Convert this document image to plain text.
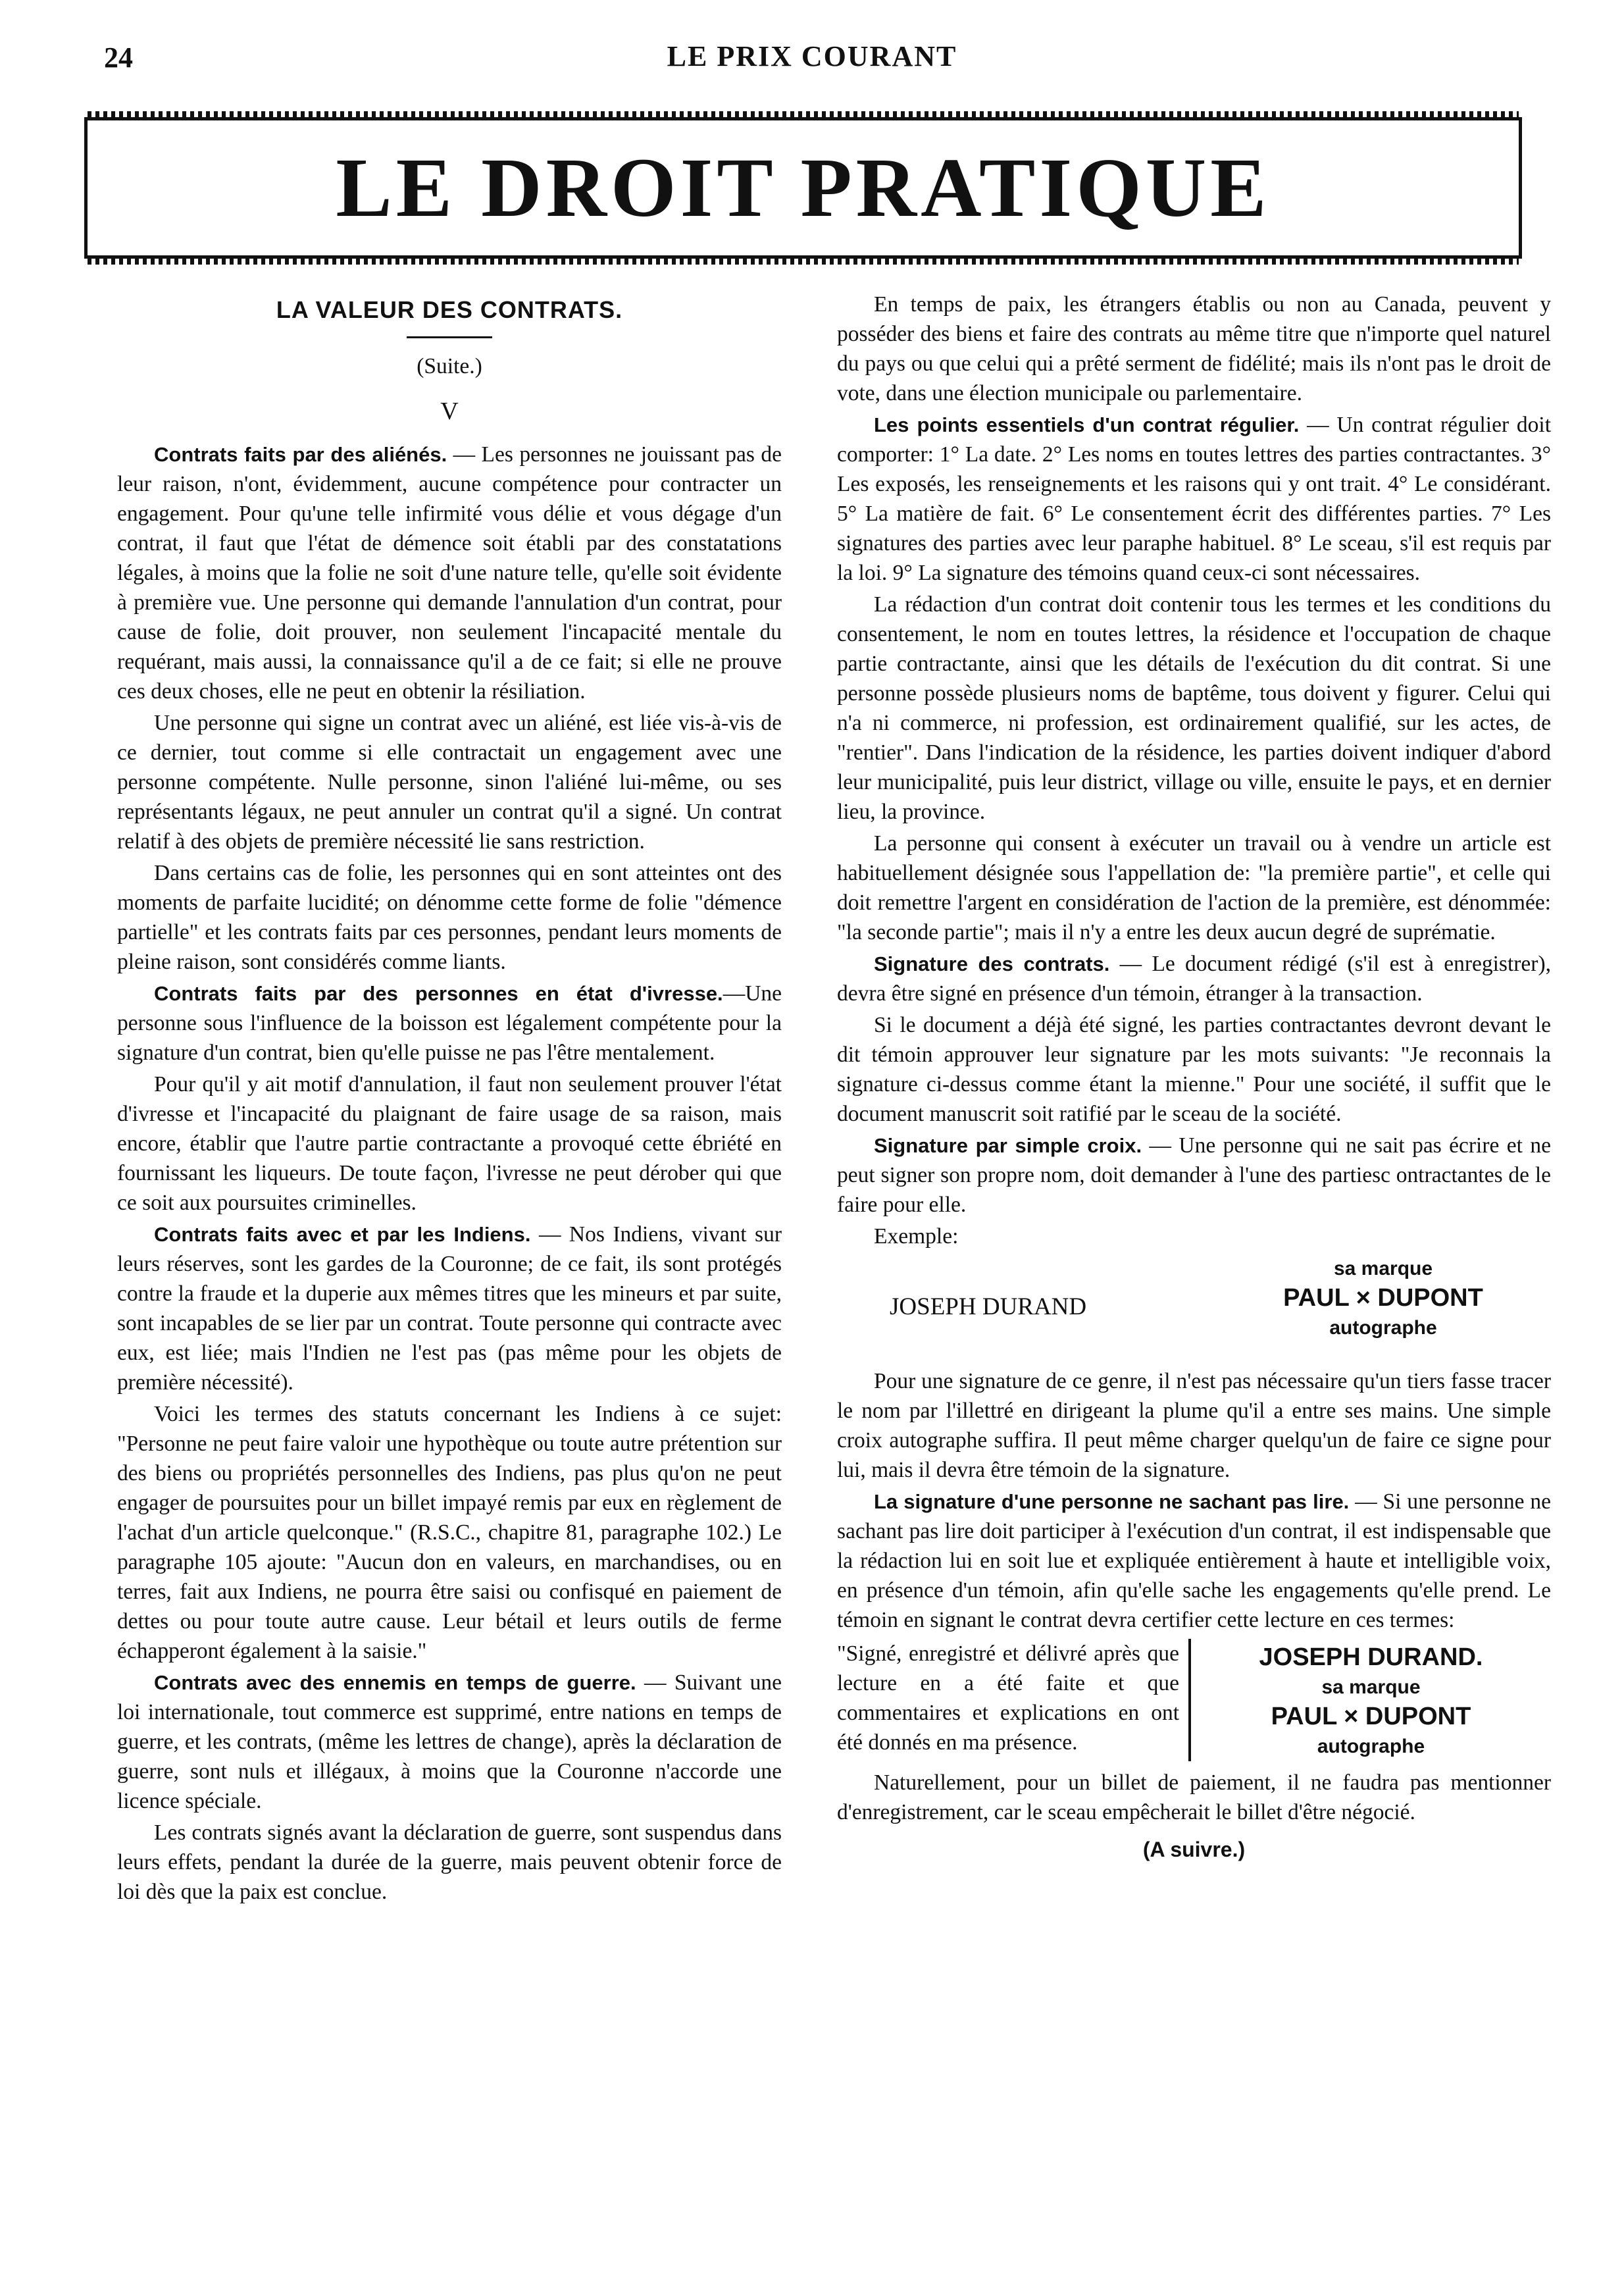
24	LE PRIX COURANT
LE DROIT PRATIQUE
LA VALEUR DES CONTRATS.
(Suite.)
V

Contrats faits par des aliénés. — Les personnes ne jouissant pas de leur raison, n'ont, évidemment, aucune compétence pour contracter un engagement. Pour qu'une telle infirmité vous délie et vous dégage d'un contrat, il faut que l'état de démence soit établi par des constatations légales, à moins que la folie ne soit d'une nature telle, qu'elle soit évidente à première vue. Une personne qui demande l'annulation d'un contrat, pour cause de folie, doit prouver, non seulement l'incapacité mentale du requérant, mais aussi, la connaissance qu'il a de ce fait; si elle ne prouve ces deux choses, elle ne peut en obtenir la résiliation.

Une personne qui signe un contrat avec un aliéné, est liée vis-à-vis de ce dernier, tout comme si elle contractait un engagement avec une personne compétente. Nulle personne, sinon l'aliéné lui-même, ou ses représentants légaux, ne peut annuler un contrat qu'il a signé. Un contrat relatif à des objets de première nécessité lie sans restriction.

Dans certains cas de folie, les personnes qui en sont atteintes ont des moments de parfaite lucidité; on dénomme cette forme de folie "démence partielle" et les contrats faits par ces personnes, pendant leurs moments de pleine raison, sont considérés comme liants.

Contrats faits par des personnes en état d'ivresse.—Une personne sous l'influence de la boisson est légalement compétente pour la signature d'un contrat, bien qu'elle puisse ne pas l'être mentalement.

Pour qu'il y ait motif d'annulation, il faut non seulement prouver l'état d'ivresse et l'incapacité du plaignant de faire usage de sa raison, mais encore, établir que l'autre partie contractante a provoqué cette ébriété en fournissant les liqueurs. De toute façon, l'ivresse ne peut dérober qui que ce soit aux poursuites criminelles.

Contrats faits avec et par les Indiens. — Nos Indiens, vivant sur leurs réserves, sont les gardes de la Couronne; de ce fait, ils sont protégés contre la fraude et la duperie aux mêmes titres que les mineurs et par suite, sont incapables de se lier par un contrat. Toute personne qui contracte avec eux, est liée; mais l'Indien ne l'est pas (pas même pour les objets de première nécessité).

Voici les termes des statuts concernant les Indiens à ce sujet: "Personne ne peut faire valoir une hypothèque ou toute autre prétention sur des biens ou propriétés personnelles des Indiens, pas plus qu'on ne peut engager de poursuites pour un billet impayé remis par eux en règlement de l'achat d'un article quelconque." (R.S.C., chapitre 81, paragraphe 102.) Le paragraphe 105 ajoute: "Aucun don en valeurs, en marchandises, ou en terres, fait aux Indiens, ne pourra être saisi ou confisqué en paiement de dettes ou pour toute autre cause. Leur bétail et leurs outils de ferme échapperont également à la saisie."

Contrats avec des ennemis en temps de guerre. — Suivant une loi internationale, tout commerce est supprimé, entre nations en temps de guerre, et les contrats, (même les lettres de change), après la déclaration de guerre, sont nuls et illégaux, à moins que la Couronne n'accorde une licence spéciale.

Les contrats signés avant la déclaration de guerre, sont suspendus dans leurs effets, pendant la durée de la guerre, mais peuvent obtenir force de loi dès que la paix est conclue.

En temps de paix, les étrangers établis ou non au Canada, peuvent y posséder des biens et faire des contrats au même titre que n'importe quel naturel du pays ou que celui qui a prêté serment de fidélité; mais ils n'ont pas le droit de vote, dans une élection municipale ou parlementaire.

Les points essentiels d'un contrat régulier. — Un contrat régulier doit comporter: 1° La date. 2° Les noms en toutes lettres des parties contractantes. 3° Les exposés, les renseignements et les raisons qui y ont trait. 4° Le considérant. 5° La matière de fait. 6° Le consentement écrit des différentes parties. 7° Les signatures des parties avec leur paraphe habituel. 8° Le sceau, s'il est requis par la loi. 9° La signature des témoins quand ceux-ci sont nécessaires.

La rédaction d'un contrat doit contenir tous les termes et les conditions du consentement, le nom en toutes lettres, la résidence et l'occupation de chaque partie contractante, ainsi que les détails de l'exécution du dit contrat. Si une personne possède plusieurs noms de baptême, tous doivent y figurer. Celui qui n'a ni commerce, ni profession, est ordinairement qualifié, sur les actes, de "rentier". Dans l'indication de la résidence, les parties doivent indiquer d'abord leur municipalité, puis leur district, village ou ville, ensuite le pays, et en dernier lieu, la province.

La personne qui consent à exécuter un travail ou à vendre un article est habituellement désignée sous l'appellation de: "la première partie", et celle qui doit remettre l'argent en considération de l'action de la première, est dénommée: "la seconde partie"; mais il n'y a entre les deux aucun degré de suprématie.

Signature des contrats. — Le document rédigé (s'il est à enregistrer), devra être signé en présence d'un témoin, étranger à la transaction.

Si le document a déjà été signé, les parties contractantes devront devant le dit témoin approuver leur signature par les mots suivants: "Je reconnais la signature ci-dessus comme étant la mienne." Pour une société, il suffit que le document manuscrit soit ratifié par le sceau de la société.

Signature par simple croix. — Une personne qui ne sait pas écrire et ne peut signer son propre nom, doit demander à l'une des partiesc ontractantes de le faire pour elle.

Exemple:

JOSEPH DURAND
sa marque
PAUL × DUPONT
autographe

Pour une signature de ce genre, il n'est pas nécessaire qu'un tiers fasse tracer le nom par l'illettré en dirigeant la plume qu'il a entre ses mains. Une simple croix autographe suffira. Il peut même charger quelqu'un de faire ce signe pour lui, mais il devra être témoin de la signature.

La signature d'une personne ne sachant pas lire. — Si une personne ne sachant pas lire doit participer à l'exécution d'un contrat, il est indispensable que la rédaction lui en soit lue et expliquée entièrement à haute et intelligible voix, en présence d'un témoin, afin qu'elle sache les engagements qu'elle prend. Le témoin en signant le contrat devra certifier cette lecture en ces termes:

"Signé, enregistré et délivré après que lecture en a été faite et que commentaires et explications en ont été donnés en ma présence.
JOSEPH DURAND.
sa marque
PAUL × DUPONT
autographe

Naturellement, pour un billet de paiement, il ne faudra pas mentionner d'enregistrement, car le sceau empêcherait le billet d'être négocié.

(A suivre.)
